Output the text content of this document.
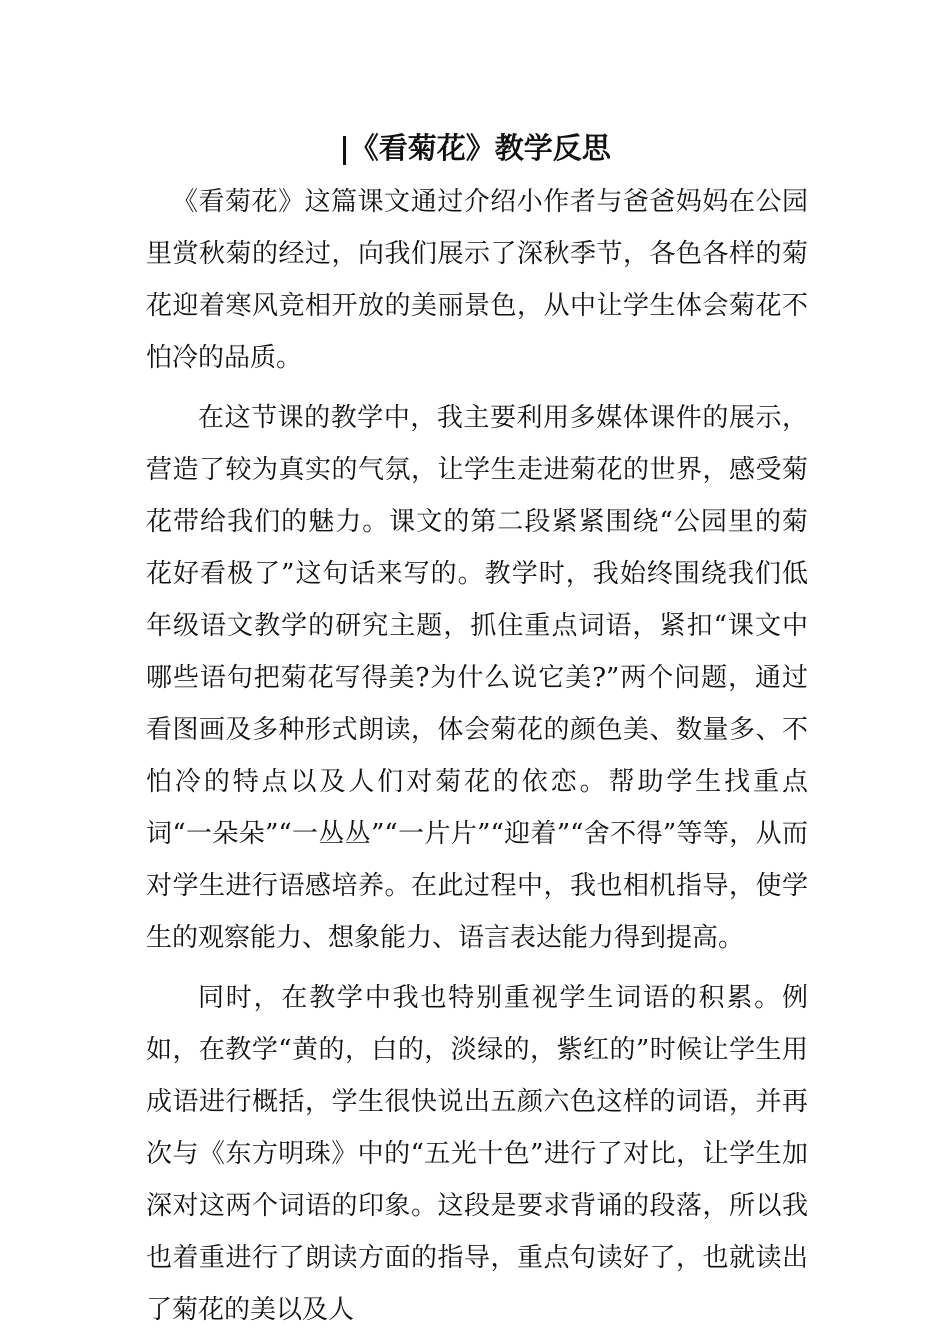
|《看菊花》教学反思

《看菊花》这篇课文通过介绍小作者与爸爸妈妈在公园里赏秋菊的经过，向我们展示了深秋季节，各色各样的菊花迎着寒风竞相开放的美丽景色，从中让学生体会菊花不怕冷的品质。

在这节课的教学中，我主要利用多媒体课件的展示，营造了较为真实的气氛，让学生走进菊花的世界，感受菊花带给我们的魅力。课文的第二段紧紧围绕“公园里的菊花好看极了”这句话来写的。教学时，我始终围绕我们低年级语文教学的研究主题，抓住重点词语，紧扣“课文中哪些语句把菊花写得美?为什么说它美?”两个问题，通过看图画及多种形式朗读，体会菊花的颜色美、数量多、不怕冷的特点以及人们对菊花的依恋。帮助学生找重点词“一朵朵”“一丛丛”“一片片”“迎着”“舍不得”等等，从而对学生进行语感培养。在此过程中，我也相机指导，使学生的观察能力、想象能力、语言表达能力得到提高。

同时，在教学中我也特别重视学生词语的积累。例如，在教学“黄的，白的，淡绿的，紫红的”时候让学生用成语进行概括，学生很快说出五颜六色这样的词语，并再次与《东方明珠》中的“五光十色”进行了对比，让学生加深对这两个词语的印象。这段是要求背诵的段落，所以我也着重进行了朗读方面的指导，重点句读好了，也就读出了菊花的美以及人
